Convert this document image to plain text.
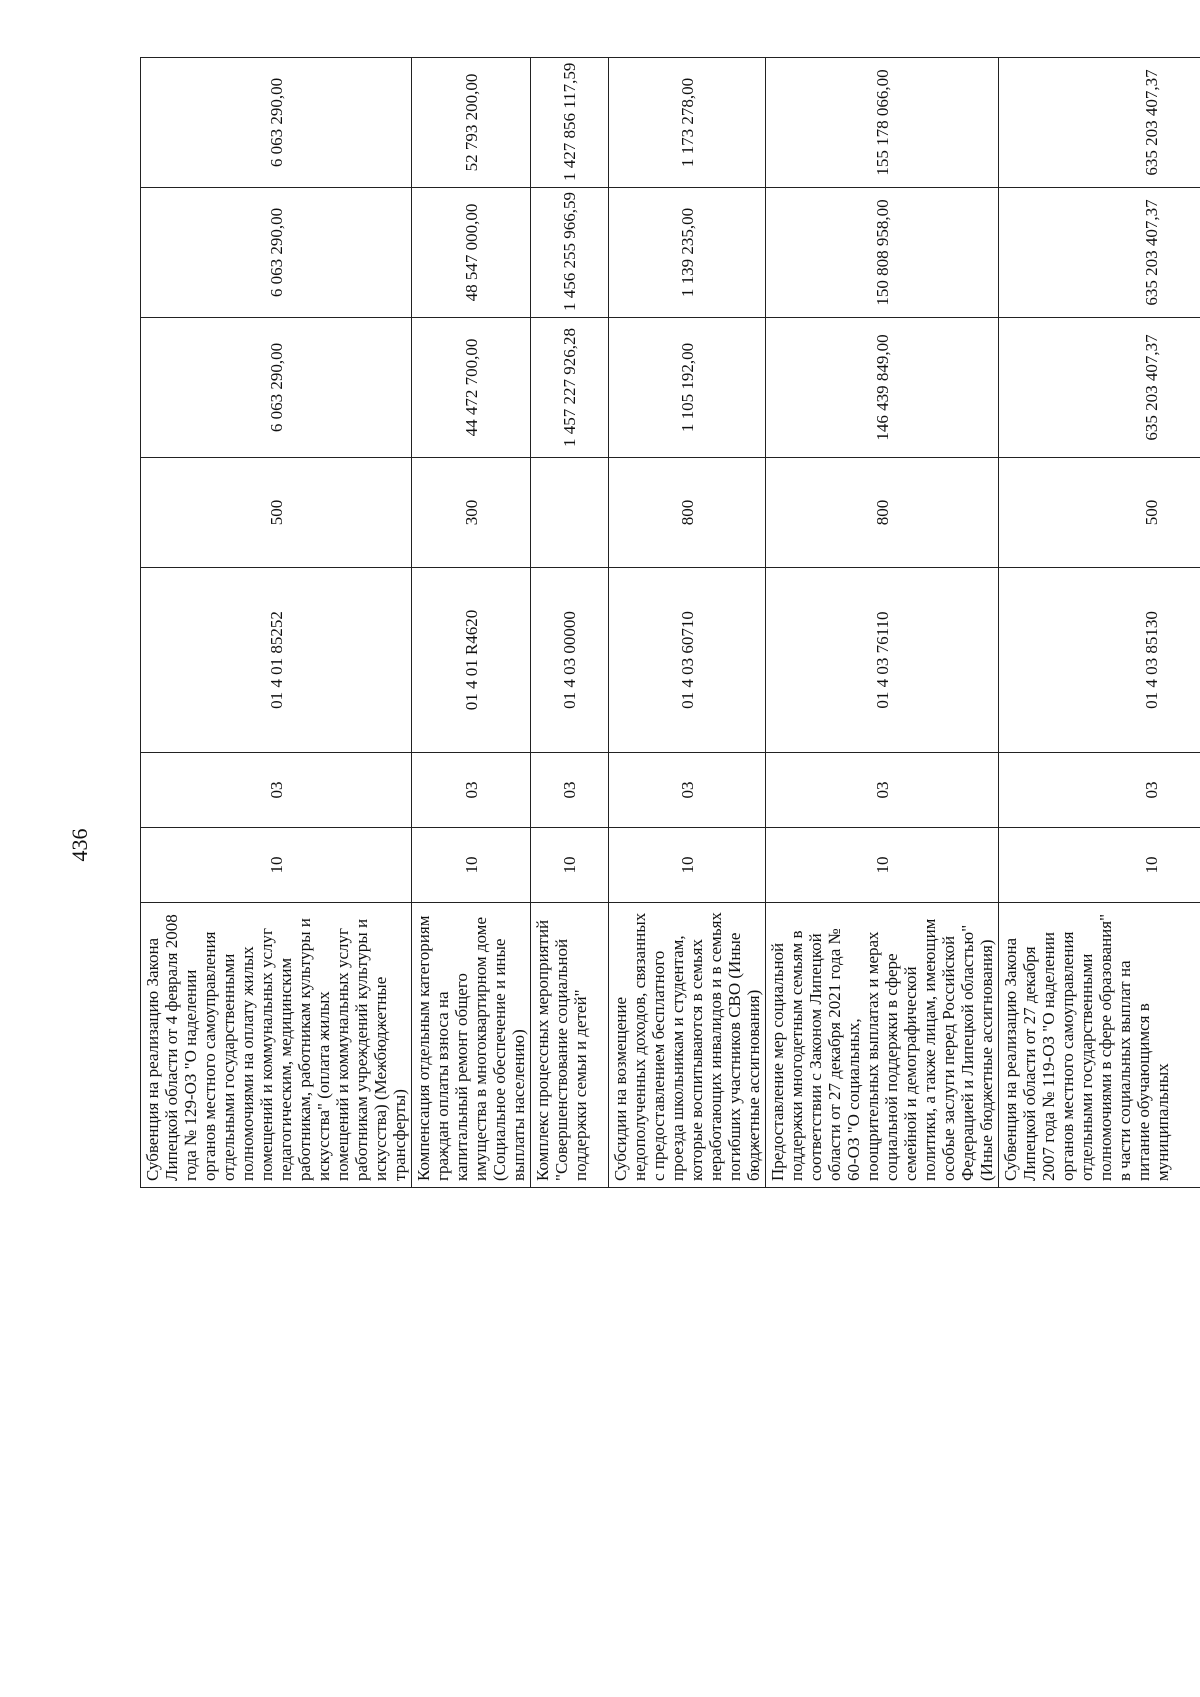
436
Субвенция на реализацию Закона Липецкой области от 4 февраля 2008 года № 129-ОЗ "О наделении органов местного самоуправления отдельными государственными полномочиями на оплату жилых помещений и коммунальных услуг педагогическим, медицинским работникам, работникам культуры и искусства" (оплата жилых помещений и коммунальных услуг работникам учреждений культуры и искусства) (Межбюджетные трансферты)	10	03	01 4 01 85252	500	6 063 290,00	6 063 290,00	6 063 290,00
Компенсация отдельным категориям граждан оплаты взноса на капитальный ремонт общего имущества в многоквартирном доме (Социальное обеспечение и иные выплаты населению)	10	03	01 4 01 R4620	300	44 472 700,00	48 547 000,00	52 793 200,00
Комплекс процессных мероприятий "Совершенствование социальной поддержки семьи и детей"	10	03	01 4 03 00000		1 457 227 926,28	1 456 255 966,59	1 427 856 117,59
Субсидии на возмещение недополученных доходов, связанных с предоставлением бесплатного проезда школьникам и студентам, которые воспитываются в семьях неработающих инвалидов и в семьях погибших участников СВО (Иные бюджетные ассигнования)	10	03	01 4 03 60710	800	1 105 192,00	1 139 235,00	1 173 278,00
Предоставление мер социальной поддержки многодетным семьям в соответствии с Законом Липецкой области от 27 декабря 2021 года № 60-ОЗ "О социальных, поощрительных выплатах и мерах социальной поддержки в сфере семейной и демографической политики, а также лицам, имеющим особые заслуги перед Российской Федерацией и Липецкой областью" (Иные бюджетные ассигнования)	10	03	01 4 03 76110	800	146 439 849,00	150 808 958,00	155 178 066,00
Субвенция на реализацию Закона Липецкой области от 27 декабря 2007 года № 119-ОЗ "О наделении органов местного самоуправления отдельными государственными полномочиями в сфере образования" в части социальных выплат на питание обучающимся в муниципальных	10	03	01 4 03 85130	500	635 203 407,37	635 203 407,37	635 203 407,37
